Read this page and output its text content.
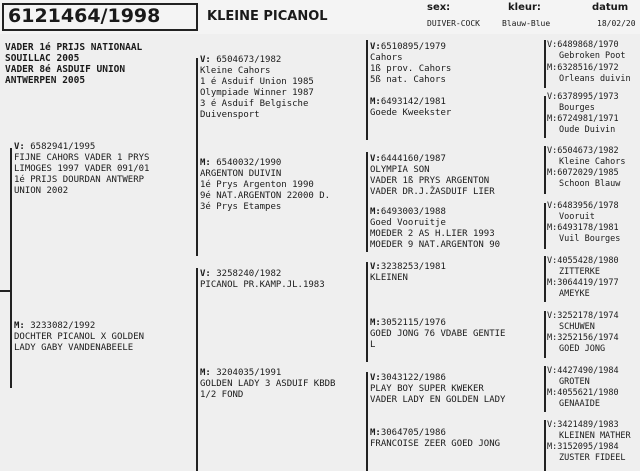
6121464/1998	KLEINE PICANOL
sex:
DUIVER-COCK
kleur:
Blauw-Blue
datum
18/02/20
VADER 1é PRIJS NATIONAAL
SOUILLAC 2005
VADER 8é ASDUIF UNION
ANTWERPEN 2005
V: 6582941/1995
FIJNE CAHORS VADER 1 PRYS
LIMOGES 1997 VADER 091/01
1é PRIJS DOURDAN ANTWERP
UNION 2002
M: 3233082/1992
DOCHTER PICANOL X GOLDEN
LADY GABY VANDENABEELE
V: 6504673/1982
Kleine Cahors
1 é Asduif Union 1985
Olympiade Winner 1987
3 é Asduif Belgische
Duivensport
M: 6540032/1990
ARGENTON DUIVIN
1é Prys Argenton 1990
9é NAT.ARGENTON 22000 D.
3é Prys Etampes
V: 3258240/1982
PICANOL PR.KAMP.JL.1983
M: 3204035/1991
GOLDEN LADY 3 ASDUIF KBDB
1/2 FOND
V:6510895/1979
Cahors
1ß prov. Cahors
5ß nat. Cahors
M:6493142/1981
Goede Kweekster
V:6444160/1987
OLYMPIA SON
VADER 1ß PRYS ARGENTON
VADER DR.J.ŽASDUIF LIER
M:6493003/1988
Goed Vooruitje
MOEDER 2 AS H.LIER 1993
MOEDER 9 NAT.ARGENTON 90
V:3238253/1981
KLEINEN
M:3052115/1976
GOED JONG 76 VDABE GENTIE
L
V:3043122/1986
PLAY BOY SUPER KWEKER
VADER LADY EN GOLDEN LADY
M:3064705/1986
FRANCOISE ZEER GOED JONG
V:6489868/1970
Gebroken Poot
M:6328516/1972
Orleans duivin
V:6378995/1973
Bourges
M:6724981/1971
Oude Duivin
V:6504673/1982
Kleine Cahors
M:6072029/1985
Schoon Blauw
V:6483956/1978
Vooruit
M:6493178/1981
Vuil Bourges
V:4055428/1980
ZITTERKE
M:3064419/1977
AMEYKE
V:3252178/1974
SCHUWEN
M:3252156/1974
GOED JONG
V:4427490/1984
GROTEN
M:4055621/1980
GENAAIDE
V:3421489/1983
KLEINEN MATHER
M:3152095/1984
ZUSTER FIDEEL
